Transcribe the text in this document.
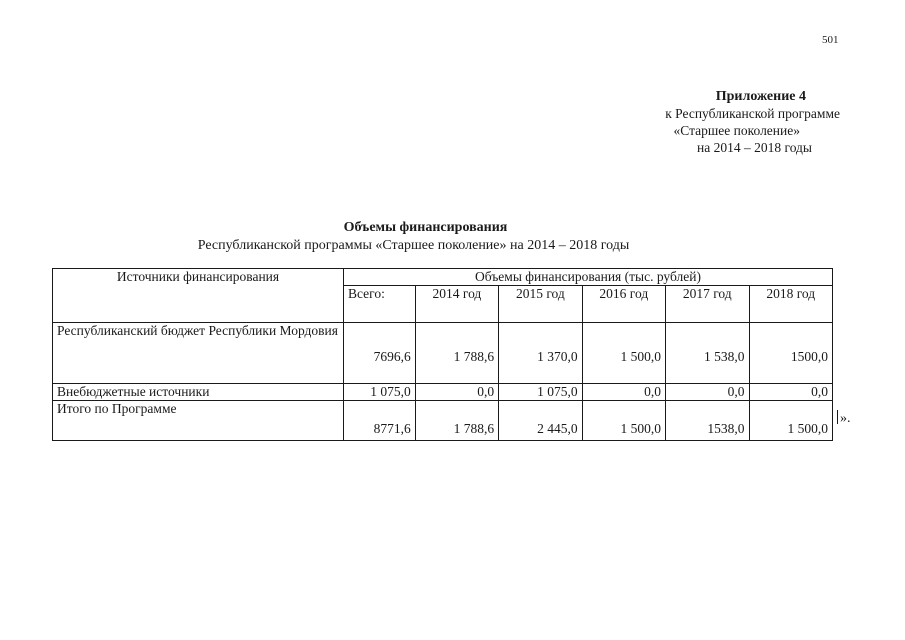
501
Приложение 4
к Республиканской программе
«Старшее поколение»
на 2014 – 2018 годы
Объемы финансирования
Республиканской программы «Старшее поколение» на 2014 – 2018 годы
Источники финансирования	Объемы финансирования (тыс. рублей)					
	Всего:	2014 год	2015 год	2016 год	2017 год	2018 год
Республиканский бюджет Республики Мордовия	7696,6	1 788,6	1 370,0	1 500,0	1 538,0	1500,0
Внебюджетные источники	1 075,0	0,0	1 075,0	0,0	0,0	0,0
Итого по Программе	8771,6	1 788,6	2 445,0	1 500,0	1538,0	1 500,0
».
